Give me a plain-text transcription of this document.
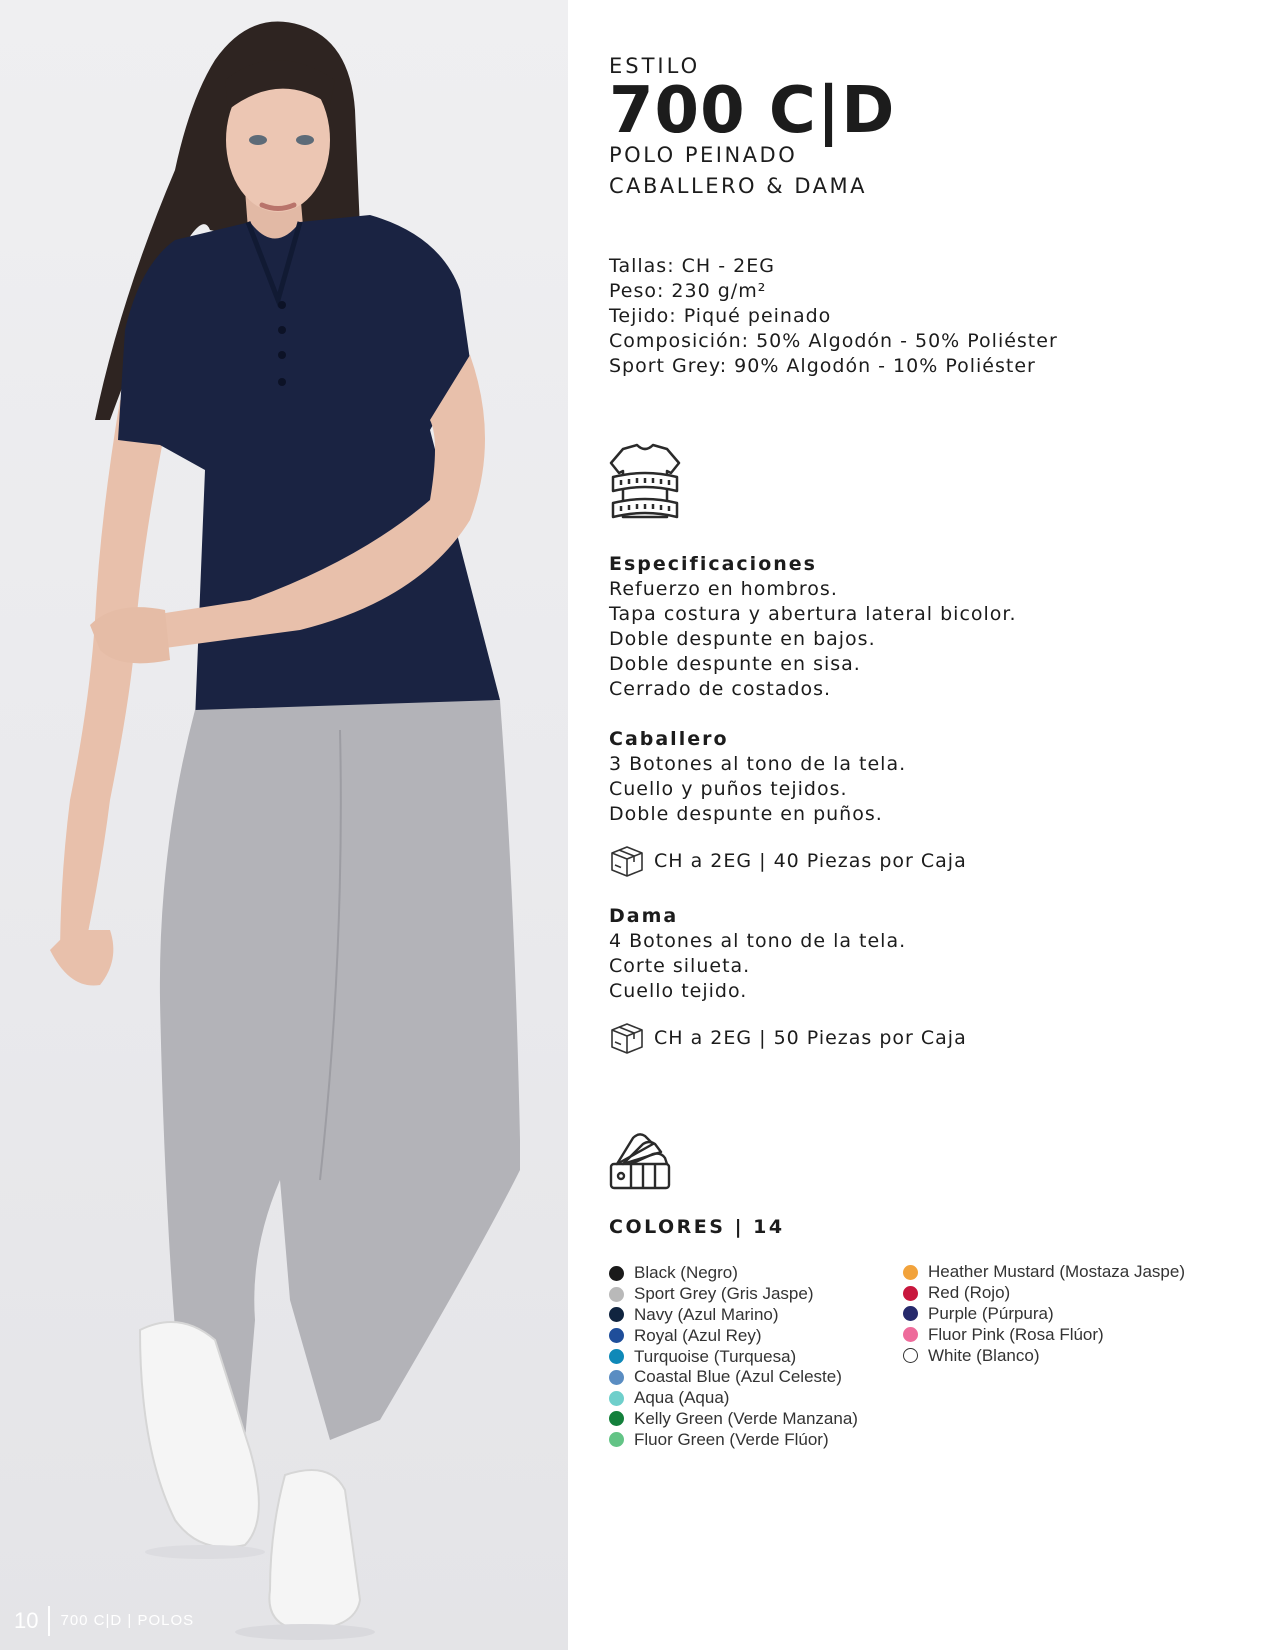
10	700 C|D | POLOS
ESTILO
700 C|D
POLO PEINADO
CABALLERO & DAMA
Tallas: CH - 2EG
Peso: 230 g/m²
Tejido: Piqué peinado
Composición: 50% Algodón - 50% Poliéster
Sport Grey: 90% Algodón - 10% Poliéster
Especificaciones
Refuerzo en hombros.
Tapa costura y abertura lateral bicolor.
Doble despunte en bajos.
Doble despunte en sisa.
Cerrado de costados.
Caballero
3 Botones al tono de la tela.
Cuello y puños tejidos.
Doble despunte en puños.
CH a 2EG | 40 Piezas por Caja
Dama
4 Botones al tono de la tela.
Corte silueta.
Cuello tejido.
CH a 2EG | 50 Piezas por Caja
COLORES | 14
Black (Negro)
Sport Grey (Gris Jaspe)
Navy (Azul Marino)
Royal (Azul Rey)
Turquoise (Turquesa)
Coastal Blue (Azul Celeste)
Aqua (Aqua)
Kelly Green (Verde Manzana)
Fluor Green (Verde Flúor)
Heather Mustard (Mostaza Jaspe)
Red (Rojo)
Purple (Púrpura)
Fluor Pink (Rosa Flúor)
White (Blanco)
